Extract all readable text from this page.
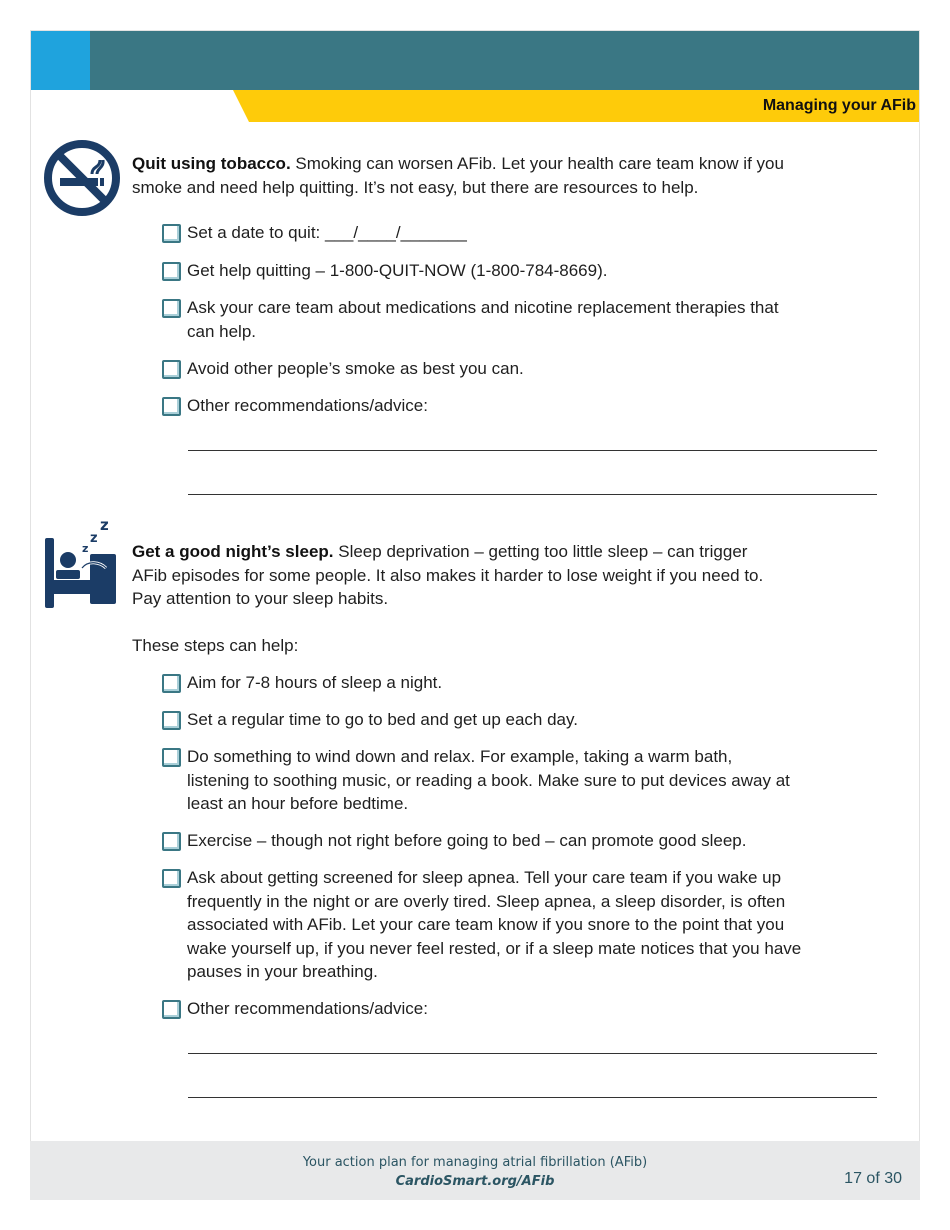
Managing your AFib

Quit using tobacco. Smoking can worsen AFib. Let your health care team know if you
smoke and need help quitting. It’s not easy, but there are resources to help.

Set a date to quit: ___/____/_______

Get help quitting – 1-800-QUIT-NOW (1-800-784-8669).

Ask your care team about medications and nicotine replacement therapies that
can help.

Avoid other people’s smoke as best you can.

Other recommendations/advice:

z
z
z

Get a good night’s sleep. Sleep deprivation – getting too little sleep – can trigger
AFib episodes for some people. It also makes it harder to lose weight if you need to.
Pay attention to your sleep habits.

These steps can help:

Aim for 7-8 hours of sleep a night.

Set a regular time to go to bed and get up each day.

Do something to wind down and relax. For example, taking a warm bath,
listening to soothing music, or reading a book. Make sure to put devices away at
least an hour before bedtime.

Exercise – though not right before going to bed – can promote good sleep.

Ask about getting screened for sleep apnea. Tell your care team if you wake up
frequently in the night or are overly tired. Sleep apnea, a sleep disorder, is often
associated with AFib. Let your care team know if you snore to the point that you
wake yourself up, if you never feel rested, or if a sleep mate notices that you have
pauses in your breathing.

Other recommendations/advice:

Your action plan for managing atrial fibrillation (AFib)

CardioSmart.org/AFib	17 of 30
